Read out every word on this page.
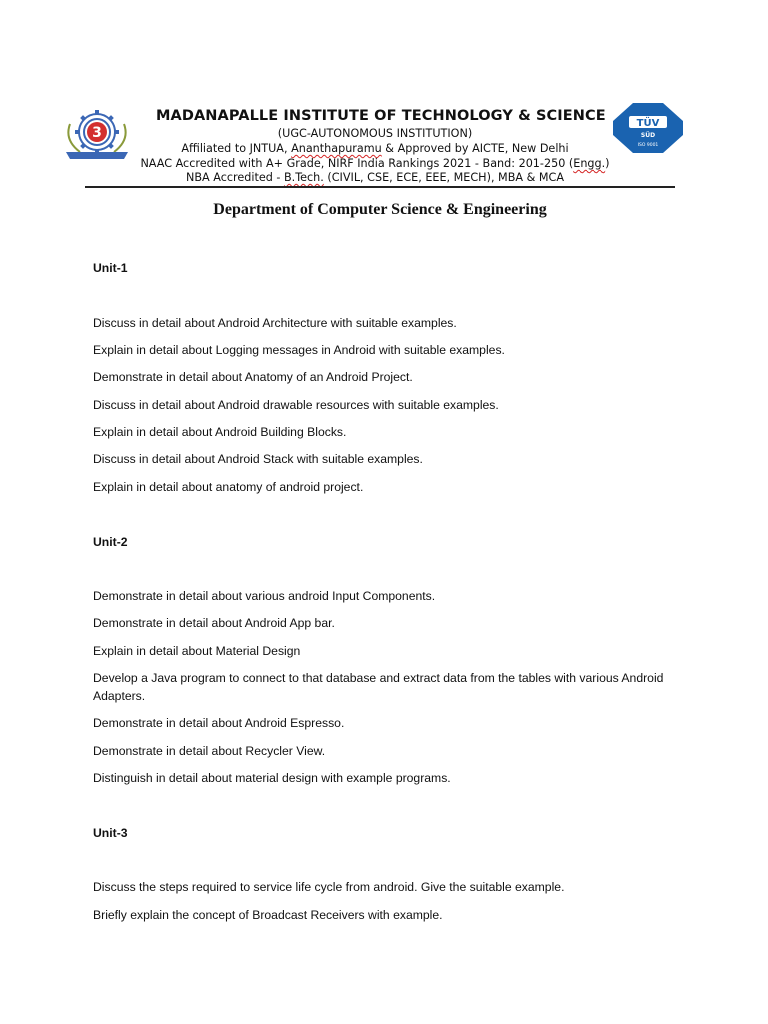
3
TÜV
SÜD
ISO 9001
MADANAPALLE INSTITUTE OF TECHNOLOGY & SCIENCE
(UGC-AUTONOMOUS INSTITUTION)
Affiliated to JNTUA, Ananthapuramu & Approved by AICTE, New Delhi
NAAC Accredited with A+ Grade, NIRF India Rankings 2021 - Band: 201-250 (Engg.)
NBA Accredited - B.Tech. (CIVIL, CSE, ECE, EEE, MECH), MBA & MCA
Department of Computer Science & Engineering
Unit-1
Discuss in detail about Android Architecture with suitable examples.
Explain in detail about Logging messages in Android with suitable examples.
Demonstrate in detail about Anatomy of an Android Project.
Discuss in detail about Android drawable resources with suitable examples.
Explain in detail about Android Building Blocks.
Discuss in detail about Android Stack with suitable examples.
Explain in detail about anatomy of android project.
Unit-2
Demonstrate in detail about various android Input Components.
Demonstrate in detail about Android App bar.
Explain in detail about Material Design
Develop a Java program to connect to that database and extract data from the tables with various Android Adapters.
Demonstrate in detail about Android Espresso.
Demonstrate in detail about Recycler View.
Distinguish in detail about material design with example programs.
Unit-3
Discuss the steps required to service life cycle from android. Give the suitable example.
Briefly explain the concept of Broadcast Receivers with example.
